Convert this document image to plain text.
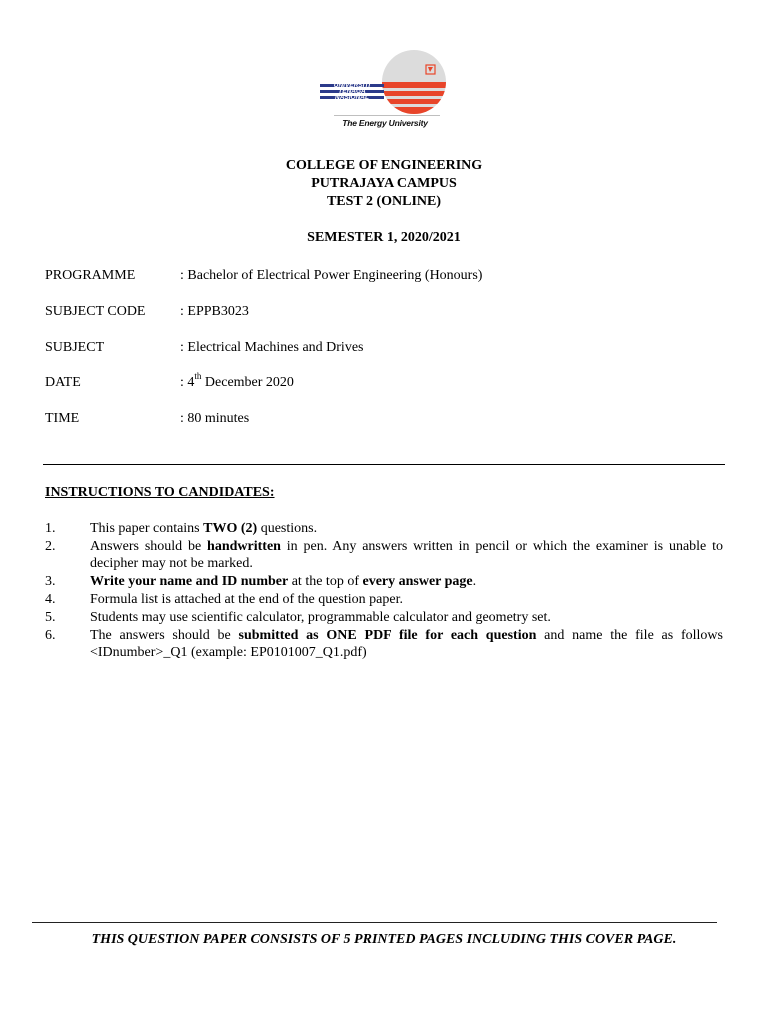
UNIVERSITI
TENAGA
NASIONAL
The Energy University
COLLEGE OF ENGINEERING
PUTRAJAYA CAMPUS
TEST 2 (ONLINE)
SEMESTER 1, 2020/2021
PROGRAMME	: Bachelor of Electrical Power Engineering (Honours)
SUBJECT CODE : EPPB3023
SUBJECT	: Electrical Machines and Drives
DATE	: 4th December 2020
TIME	: 80 minutes
INSTRUCTIONS TO CANDIDATES:
1. This paper contains TWO (2) questions.
2. Answers should be handwritten in pen. Any answers written in pencil or which the examiner is unable to decipher may not be marked.
3. Write your name and ID number at the top of every answer page.
4. Formula list is attached at the end of the question paper.
5. Students may use scientific calculator, programmable calculator and geometry set.
6. The answers should be submitted as ONE PDF file for each question and name the file as follows <IDnumber>_Q1 (example: EP0101007_Q1.pdf)
THIS QUESTION PAPER CONSISTS OF 5 PRINTED PAGES INCLUDING THIS COVER PAGE.
